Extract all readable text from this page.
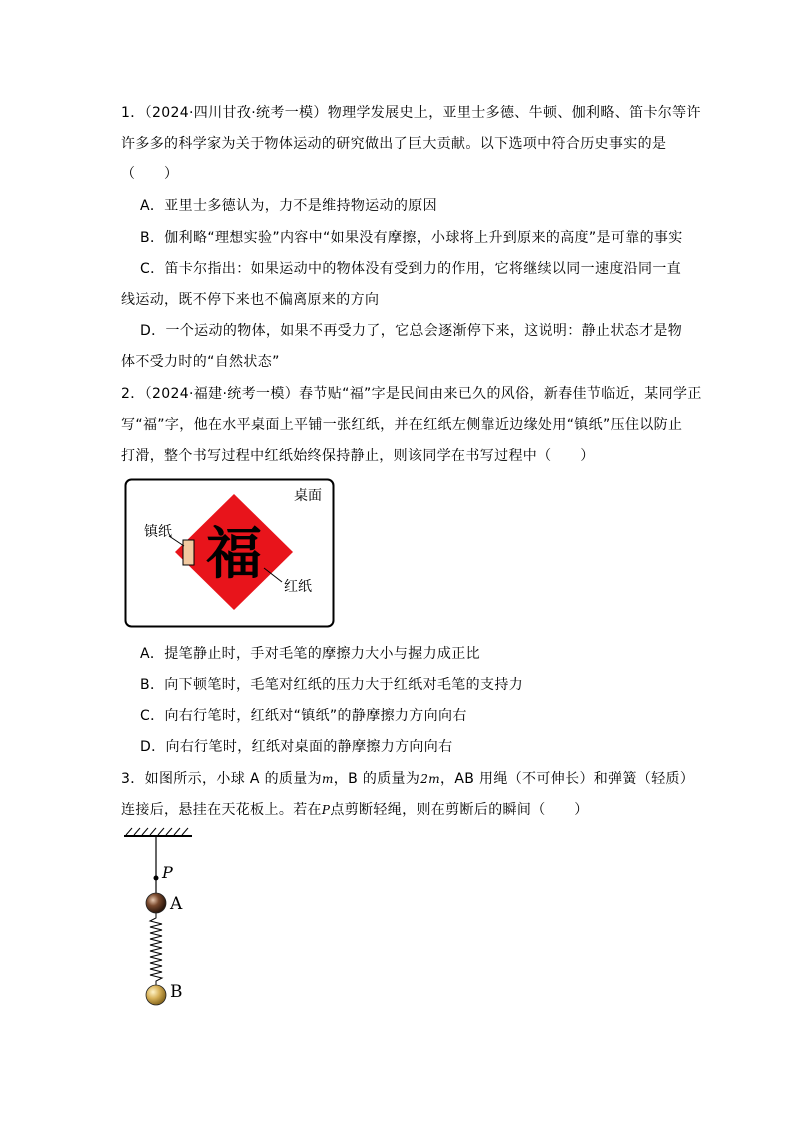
1．（2024·四川甘孜·统考一模）物理学发展史上，亚里士多德、牛顿、伽利略、笛卡尔等许
许多多的科学家为关于物体运动的研究做出了巨大贡献。以下选项中符合历史事实的是
（　　）
A．亚里士多德认为，力不是维持物运动的原因
B．伽利略“理想实验”内容中“如果没有摩擦，小球将上升到原来的高度”是可靠的事实
C．笛卡尔指出：如果运动中的物体没有受到力的作用，它将继续以同一速度沿同一直
线运动，既不停下来也不偏离原来的方向
D．一个运动的物体，如果不再受力了，它总会逐渐停下来，这说明：静止状态才是物
体不受力时的“自然状态”
2．（2024·福建·统考一模）春节贴“福”字是民间由来已久的风俗，新春佳节临近，某同学正
写“福”字，他在水平桌面上平铺一张红纸，并在红纸左侧靠近边缘处用“镇纸”压住以防止
打滑，整个书写过程中红纸始终保持静止，则该同学在书写过程中（　　）
桌面
福
镇纸
红纸
A．提笔静止时，手对毛笔的摩擦力大小与握力成正比
B．向下顿笔时，毛笔对红纸的压力大于红纸对毛笔的支持力
C．向右行笔时，红纸对“镇纸”的静摩擦力方向向右
D．向右行笔时，红纸对桌面的静摩擦力方向向右
3．如图所示，小球 A 的质量为m，B 的质量为2m，AB 用绳（不可伸长）和弹簧（轻质）
连接后，悬挂在天花板上。若在P点剪断轻绳，则在剪断后的瞬间（　　）
P
A
B
